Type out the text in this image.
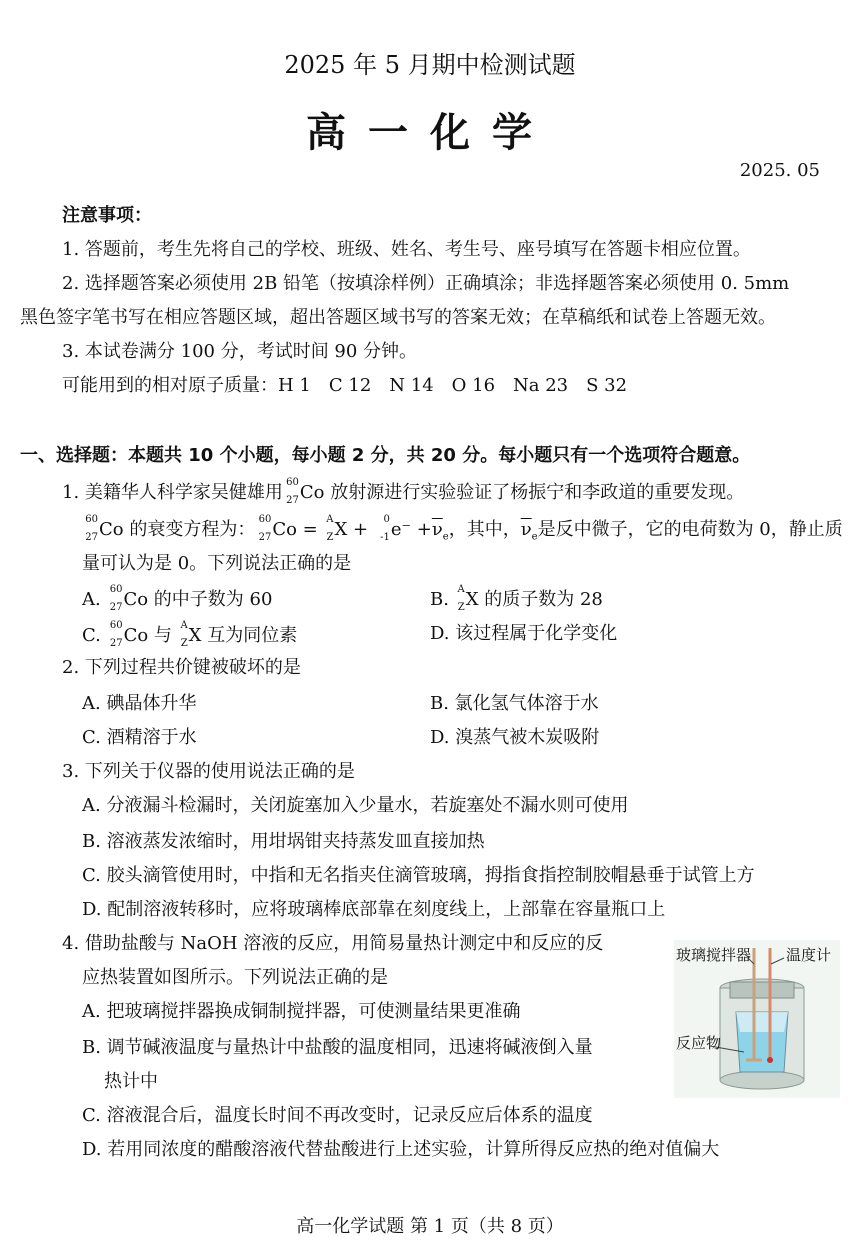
2025 年 5 月期中检测试题
高一化学
2025. 05
注意事项：
1. 答题前，考生先将自己的学校、班级、姓名、考生号、座号填写在答题卡相应位置。
2. 选择题答案必须使用 2B 铅笔（按填涂样例）正确填涂；非选择题答案必须使用 0. 5mm
黑色签字笔书写在相应答题区域，超出答题区域书写的答案无效；在草稿纸和试卷上答题无效。
3. 本试卷满分 100 分，考试时间 90 分钟。
可能用到的相对原子质量：H 1　C 12　N 14　O 16　Na 23　S 32
一、选择题：本题共 10 个小题，每小题 2 分，共 20 分。每小题只有一个选项符合题意。
1. 美籍华人科学家吴健雄用 60
27 Co 放射源进行实验验证了杨振宁和李政道的重要发现。
60
27 Co 的衰变方程为： 60
27 Co = A
Z X + 0
-1 $e^- +\overline{\nu}_e$，其中，$\overline{\nu}_e$是反中微子，它的电荷数为 0，静止质
量可认为是 0。下列说法正确的是
A. 60
27 Co 的中子数为 60	B. A
Z X 的质子数为 28
C. 60
27 Co 与 A
Z X 互为同位素	D. 该过程属于化学变化
2. 下列过程共价键被破坏的是
A. 碘晶体升华	B. 氯化氢气体溶于水
C. 酒精溶于水	D. 溴蒸气被木炭吸附
3. 下列关于仪器的使用说法正确的是
A. 分液漏斗检漏时，关闭旋塞加入少量水，若旋塞处不漏水则可使用
B. 溶液蒸发浓缩时，用坩埚钳夹持蒸发皿直接加热
C. 胶头滴管使用时，中指和无名指夹住滴管玻璃，拇指食指控制胶帽悬垂于试管上方
D. 配制溶液转移时，应将玻璃棒底部靠在刻度线上，上部靠在容量瓶口上
4. 借助盐酸与 NaOH 溶液的反应，用简易量热计测定中和反应的反
应热装置如图所示。下列说法正确的是
A. 把玻璃搅拌器换成铜制搅拌器，可使测量结果更准确
B. 调节碱液温度与量热计中盐酸的温度相同，迅速将碱液倒入量
热计中
C. 溶液混合后，温度长时间不再改变时，记录反应后体系的温度
D. 若用同浓度的醋酸溶液代替盐酸进行上述实验，计算所得反应热的绝对值偏大
玻璃搅拌器 温度计
反应物
高一化学试题 第 1 页（共 8 页）
